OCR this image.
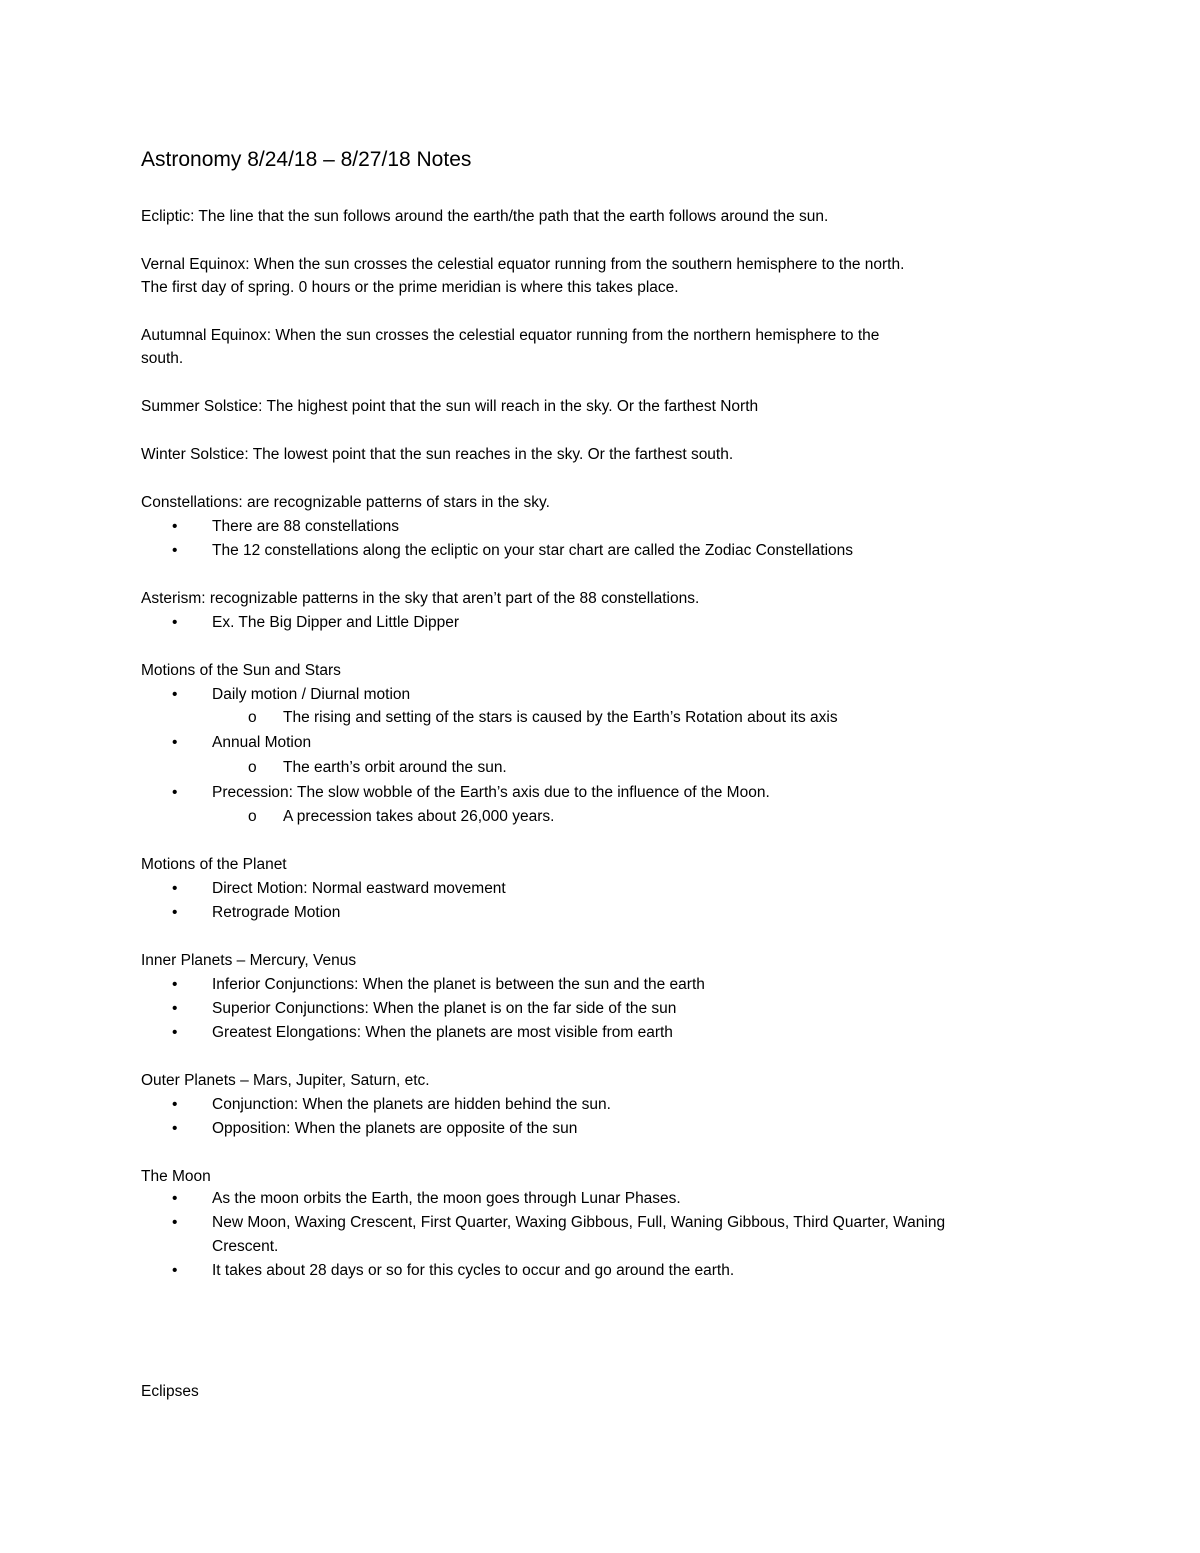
Astronomy 8/24/18 – 8/27/18 Notes
Ecliptic: The line that the sun follows around the earth/the path that the earth follows around the sun.
Vernal Equinox: When the sun crosses the celestial equator running from the southern hemisphere to the north.
The first day of spring. 0 hours or the prime meridian is where this takes place.
Autumnal Equinox: When the sun crosses the celestial equator running from the northern hemisphere to the
south.
Summer Solstice: The highest point that the sun will reach in the sky. Or the farthest North
Winter Solstice: The lowest point that the sun reaches in the sky. Or the farthest south.
Constellations: are recognizable patterns of stars in the sky.
• There are 88 constellations
• The 12 constellations along the ecliptic on your star chart are called the Zodiac Constellations
Asterism: recognizable patterns in the sky that aren’t part of the 88 constellations.
• Ex. The Big Dipper and Little Dipper
Motions of the Sun and Stars
• Daily motion / Diurnal motion
o The rising and setting of the stars is caused by the Earth’s Rotation about its axis
• Annual Motion
o The earth’s orbit around the sun.
• Precession: The slow wobble of the Earth’s axis due to the influence of the Moon.
o A precession takes about 26,000 years.
Motions of the Planet
• Direct Motion: Normal eastward movement
• Retrograde Motion
Inner Planets – Mercury, Venus
• Inferior Conjunctions: When the planet is between the sun and the earth
• Superior Conjunctions: When the planet is on the far side of the sun
• Greatest Elongations: When the planets are most visible from earth
Outer Planets – Mars, Jupiter, Saturn, etc.
• Conjunction: When the planets are hidden behind the sun.
• Opposition: When the planets are opposite of the sun
The Moon
• As the moon orbits the Earth, the moon goes through Lunar Phases.
• New Moon, Waxing Crescent, First Quarter, Waxing Gibbous, Full, Waning Gibbous, Third Quarter, Waning
Crescent.
• It takes about 28 days or so for this cycles to occur and go around the earth.
Eclipses
